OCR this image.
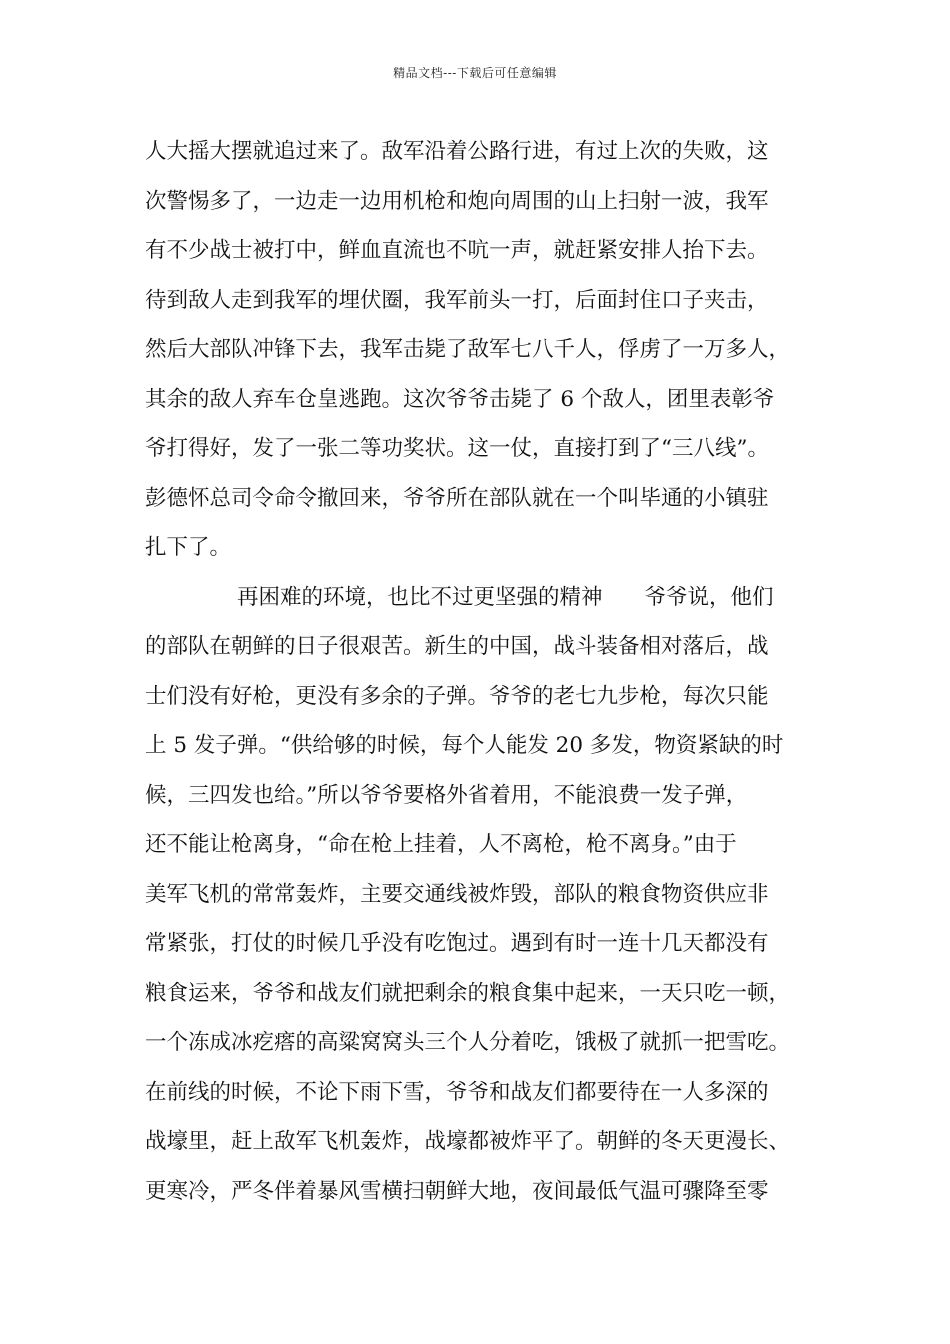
精品文档---下载后可任意编辑
人大摇大摆就追过来了。敌军沿着公路行进，有过上次的失败，这
次警惕多了，一边走一边用机枪和炮向周围的山上扫射一波，我军
有不少战士被打中，鲜血直流也不吭一声，就赶紧安排人抬下去。
待到敌人走到我军的埋伏圈，我军前头一打，后面封住口子夹击，
然后大部队冲锋下去，我军击毙了敌军七八千人，俘虏了一万多人，
其余的敌人弃车仓皇逃跑。这次爷爷击毙了 6 个敌人，团里表彰爷
爷打得好，发了一张二等功奖状。这一仗，直接打到了“三八线”。
彭德怀总司令命令撤回来，爷爷所在部队就在一个叫毕通的小镇驻
扎下了。
再困难的环境，也比不过更坚强的精神 爷爷说，他们
的部队在朝鲜的日子很艰苦。新生的中国，战斗装备相对落后，战
士们没有好枪，更没有多余的子弹。爷爷的老七九步枪，每次只能
上 5 发子弹。“供给够的时候，每个人能发 20 多发，物资紧缺的时
候，三四发也给。”所以爷爷要格外省着用，不能浪费一发子弹，
还不能让枪离身，“命在枪上挂着，人不离枪，枪不离身。”由于
美军飞机的常常轰炸，主要交通线被炸毁，部队的粮食物资供应非
常紧张，打仗的时候几乎没有吃饱过。遇到有时一连十几天都没有
粮食运来，爷爷和战友们就把剩余的粮食集中起来，一天只吃一顿，
一个冻成冰疙瘩的高粱窝窝头三个人分着吃，饿极了就抓一把雪吃。
在前线的时候，不论下雨下雪，爷爷和战友们都要待在一人多深的
战壕里，赶上敌军飞机轰炸，战壕都被炸平了。朝鲜的冬天更漫长、
更寒冷，严冬伴着暴风雪横扫朝鲜大地，夜间最低气温可骤降至零
